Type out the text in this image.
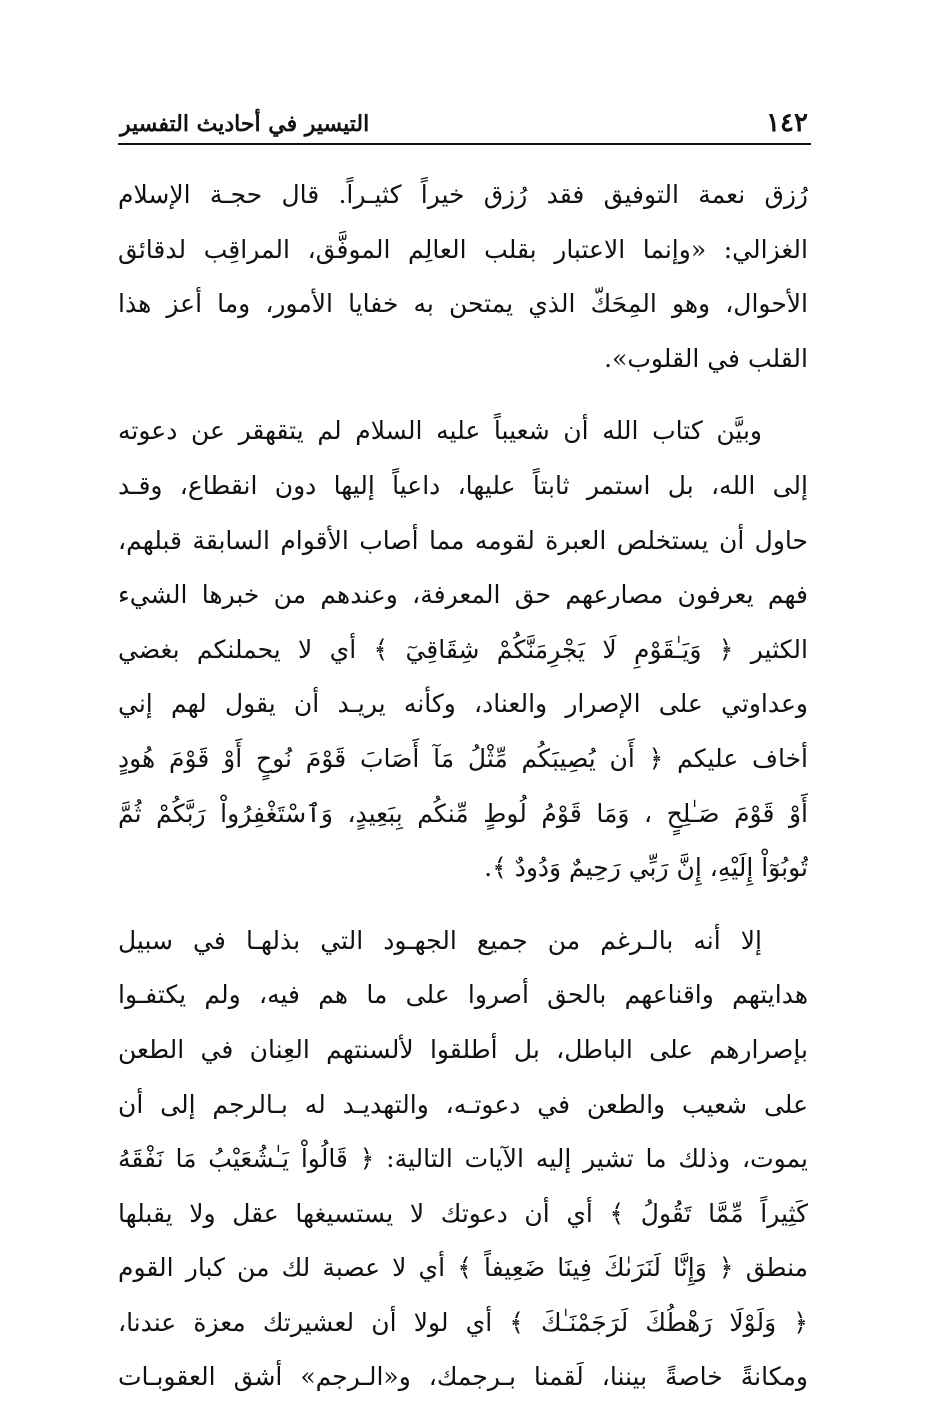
١٤٢
التيسير في أحاديث التفسير
رُزق نعمة التوفيق فقد رُزق خيراً كثيـراً. قال حجـة الإسلام
الغزالي: «وإنما الاعتبار بقلب العالِم الموفَّق، المراقِب لدقائق
الأحوال، وهو المِحَكّ الذي يمتحن به خفايا الأمور، وما أعز هذا
القلب في القلوب».
وبيَّن كتاب الله أن شعيباً عليه السلام لم يتقهقر عن دعوته
إلى الله، بل استمر ثابتاً عليها، داعياً إليها دون انقطاع، وقـد
حاول أن يستخلص العبرة لقومه مما أصاب الأقوام السابقة قبلهم،
فهم يعرفون مصارعهم حق المعرفة، وعندهم من خبرها الشيء
الكثير ﴿ وَيَـٰقَوْمِ لَا يَجْرِمَنَّكُمْ شِقَاقِيٓ ﴾ أي لا يحملنكم بغضي
وعداوتي على الإصرار والعناد، وكأنه يريـد أن يقول لهم إني
أخاف عليكم ﴿ أَن يُصِيبَكُم مِّثْلُ مَآ أَصَابَ قَوْمَ نُوحٍ أَوْ قَوْمَ هُودٍ
أَوْ قَوْمَ صَـٰلِحٍ ، وَمَا قَوْمُ لُوطٍ مِّنكُم بِبَعِيدٍ، وَٱسْتَغْفِرُواْ رَبَّكُمْ ثُمَّ
تُوبُوٓاْ إِلَيْهِ، إِنَّ رَبِّي رَحِيمٌ وَدُودٌ ﴾.
إلا أنه بالـرغم من جميع الجهـود التي بذلهـا في سبيل
هدايتهم واقناعهم بالحق أصروا على ما هم فيه، ولم يكتفـوا
بإصرارهم على الباطل، بل أطلقوا لألسنتهم العِنان في الطعن
على شعيب والطعن في دعوتـه، والتهديـد له بـالرجم إلى أن
يموت، وذلك ما تشير إليه الآيات التالية: ﴿ قَالُواْ يَـٰشُعَيْبُ مَا نَفْقَهُ
كَثِيراً مِّمَّا تَقُولُ ﴾ أي أن دعوتك لا يستسيغها عقل ولا يقبلها
منطق ﴿ وَإِنَّا لَنَرَىٰكَ فِينَا ضَعِيفاً ﴾ أي لا عصبة لك من كبار القوم
﴿ وَلَوْلَا رَهْطُكَ لَرَجَمْنَـٰكَ ﴾ أي لولا أن لعشيرتك معزة عندنا،
ومكانةً خاصةً بيننا، لَقمنا بـرجمك، و«الـرجم» أشق العقوبـات
